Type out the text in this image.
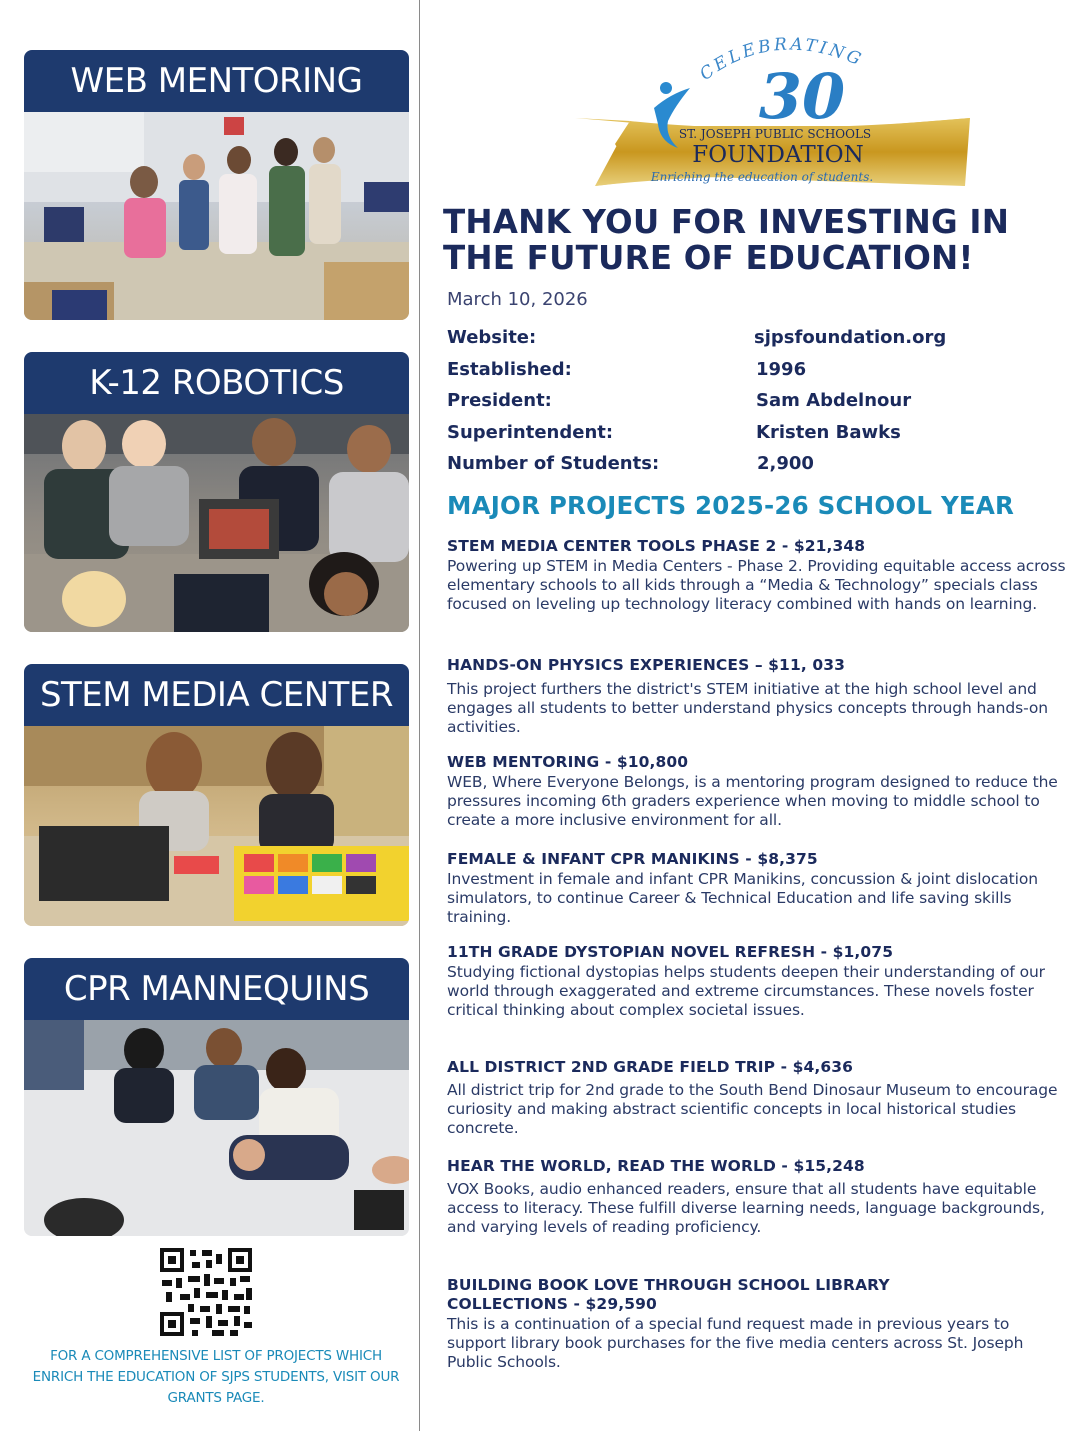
WEB MENTORING
K-12 ROBOTICS
STEM MEDIA CENTER
CPR MANNEQUINS
FOR A COMPREHENSIVE LIST OF PROJECTS WHICH ENRICH THE EDUCATION OF SJPS STUDENTS, VISIT OUR GRANTS PAGE.
CELEBRATING
30
ST. JOSEPH PUBLIC SCHOOLS
FOUNDATION
Enriching the education of students.
THANK YOU FOR INVESTING IN THE FUTURE OF EDUCATION!
March 10, 2026
Website:	sjpsfoundation.org
Established:	1996
President:	Sam Abdelnour
Superintendent:	Kristen Bawks
Number of Students:	2,900
MAJOR PROJECTS 2025-26 SCHOOL YEAR
STEM MEDIA CENTER TOOLS PHASE 2 - $21,348
Powering up STEM in Media Centers - Phase 2. Providing equitable access across elementary schools to all kids through a “Media & Technology” specials class focused on leveling up technology literacy combined with hands on learning.
HANDS-ON PHYSICS EXPERIENCES – $11, 033
This project furthers the district's STEM initiative at the high school level and engages all students to better understand physics concepts through hands-on activities.
WEB MENTORING - $10,800
WEB, Where Everyone Belongs, is a mentoring program designed to reduce the pressures incoming 6th graders experience when moving to middle school to create a more inclusive environment for all.
FEMALE & INFANT CPR MANIKINS - $8,375
Investment in female and infant CPR Manikins, concussion & joint dislocation simulators, to continue Career & Technical Education and life saving skills training.
11TH GRADE DYSTOPIAN NOVEL REFRESH - $1,075
Studying fictional dystopias helps students deepen their understanding of our world through exaggerated and extreme circumstances. These novels foster critical thinking about complex societal issues.
ALL DISTRICT 2ND GRADE FIELD TRIP - $4,636
All district trip for 2nd grade to the South Bend Dinosaur Museum to encourage curiosity and making abstract scientific concepts in local historical studies concrete.
HEAR THE WORLD, READ THE WORLD - $15,248
VOX Books, audio enhanced readers, ensure that all students have equitable access to literacy. These fulfill diverse learning needs, language backgrounds, and varying levels of reading proficiency.
BUILDING BOOK LOVE THROUGH SCHOOL LIBRARY COLLECTIONS - $29,590
This is a continuation of a special fund request made in previous years to support library book purchases for the five media centers across St. Joseph Public Schools.
